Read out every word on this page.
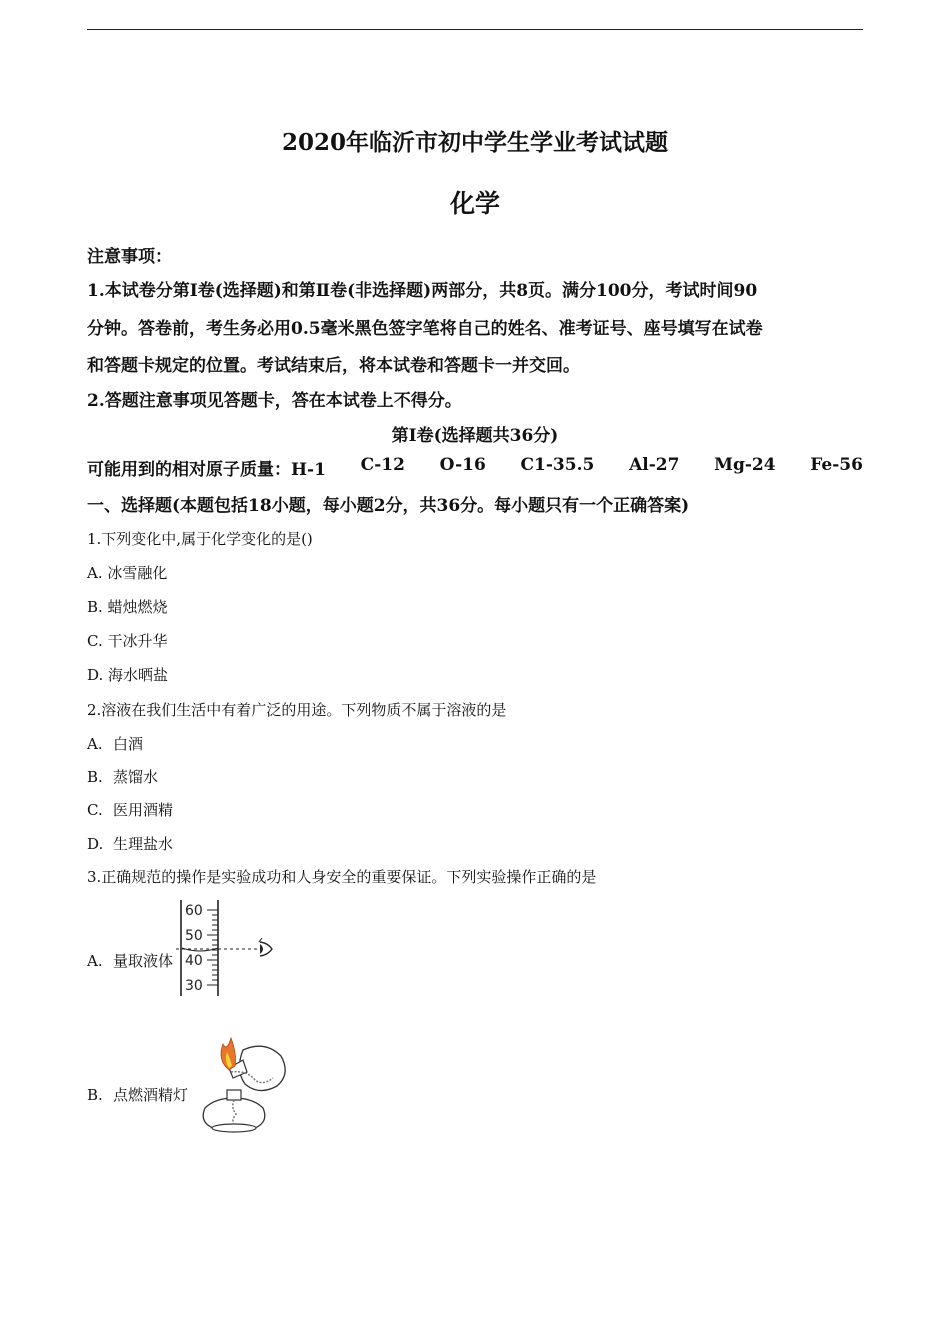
2020年临沂市初中学生学业考试试题
化学
注意事项：
1.本试卷分第Ⅰ卷(选择题)和第Ⅱ卷(非选择题)两部分，共8页。满分100分，考试时间90
分钟。答卷前，考生务必用0.5毫米黑色签字笔将自己的姓名、准考证号、座号填写在试卷
和答题卡规定的位置。考试结束后，将本试卷和答题卡一并交回。
2.答题注意事项见答题卡，答在本试卷上不得分。
第I卷(选择题共36分)
可能用到的相对原子质量：H-1 C-12 O-16 C1-35.5 Al-27 Mg-24 Fe-56
一、选择题(本题包括18小题，每小题2分，共36分。每小题只有一个正确答案)
1.下列变化中,属于化学变化的是()
A. 冰雪融化
B. 蜡烛燃烧
C. 干冰升华
D. 海水晒盐
2.溶液在我们生活中有着广泛的用途。下列物质不属于溶液的是
A. 白酒
B. 蒸馏水
C. 医用酒精
D. 生理盐水
3.正确规范的操作是实验成功和人身安全的重要保证。下列实验操作正确的是
A. 量取液体
60
50
40
30
B. 点燃酒精灯
